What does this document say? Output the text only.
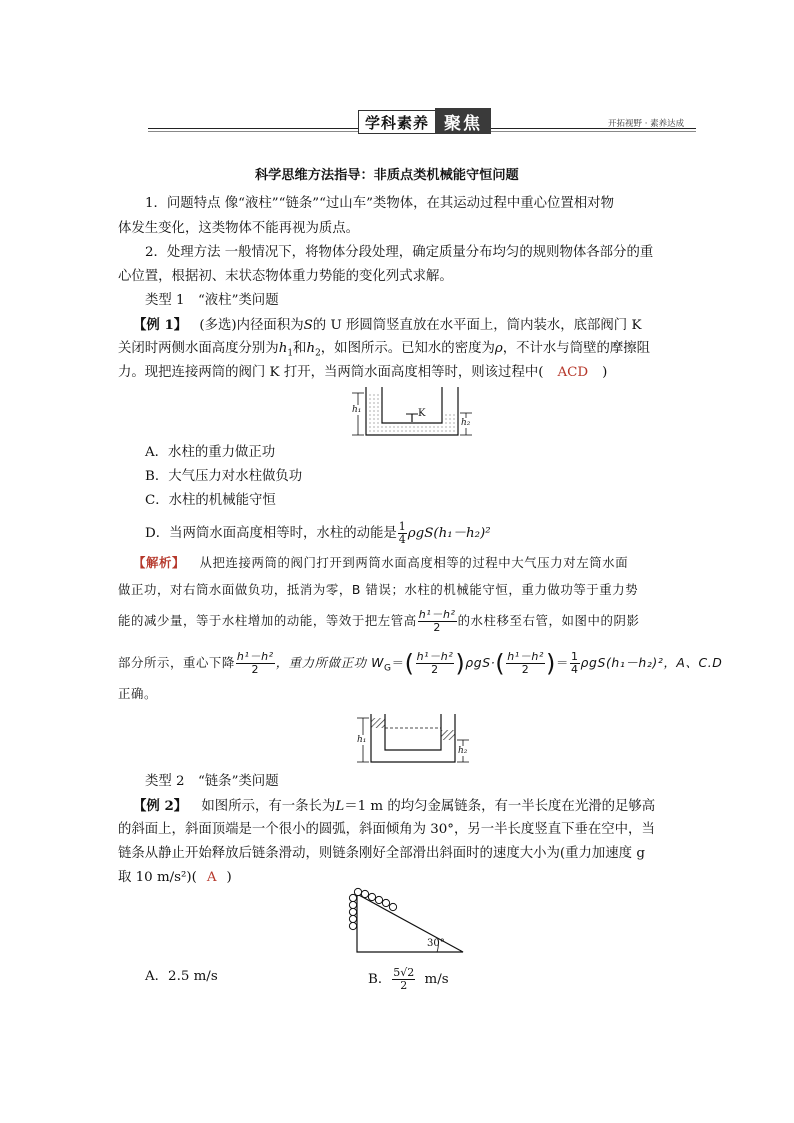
学科素养 聚焦	开拓视野 · 素养达成
科学思维方法指导：非质点类机械能守恒问题
1．问题特点 像“液柱”“链条”“过山车”类物体，在其运动过程中重心位置相对物
体发生变化，这类物体不能再视为质点。
2．处理方法 一般情况下，将物体分段处理，确定质量分布均匀的规则物体各部分的重
心位置，根据初、末状态物体重力势能的变化列式求解。
类型 1　“液柱”类问题
【例 1】 (多选)内径面积为S的 U 形圆筒竖直放在水平面上，筒内装水，底部阀门 K
关闭时两侧水面高度分别为$h_1$和$h_2$，如图所示。已知水的密度为ρ，不计水与筒壁的摩擦阻
力。现把连接两筒的阀门 K 打开，当两筒水面高度相等时，则该过程中( ACD )
K
h₁
h₂
A．水柱的重力做正功
B．大气压力对水柱做负功
C．水柱的机械能守恒
D．当两筒水面高度相等时，水柱的动能是 $\frac{1}{4} \rho gS(h_1-h_2)^2$
【解析】 从把连接两筒的阀门打开到两筒水面高度相等的过程中大气压力对左筒水面
做正功，对右筒水面做负功，抵消为零，B 错误；水柱的机械能守恒，重力做功等于重力势
能的减少量，等于水柱增加的动能，等效于把左管高 $\frac{\text{h¹－h²}}{2}$ 的水柱移至右管，如图中的阴影
部分所示，重心下降 $\frac{\text{h¹－h²}}{2}$ ，重力所做正功 $W_G=( \frac{\text{h¹－h²}}{2} )\rho gS\cdot( \frac{\text{h¹－h²}}{2}$ )＝ $\frac{1}{4} \rho gS(h_1-h_2)^2$，A、C.D
正确。
h₁
h₂
类型 2　“链条”类问题
【例 2】 如图所示，有一条长为L＝1 m 的均匀金属链条，有一半长度在光滑的足够高
的斜面上，斜面顶端是一个很小的圆弧，斜面倾角为 30°，另一半长度竖直下垂在空中，当
链条从静止开始释放后链条滑动，则链条刚好全部滑出斜面时的速度大小为(重力加速度 g
取 10 m/s²)( A )
30°
A．2.5 m/s	B． $\frac{5√2}{2} m/s$
